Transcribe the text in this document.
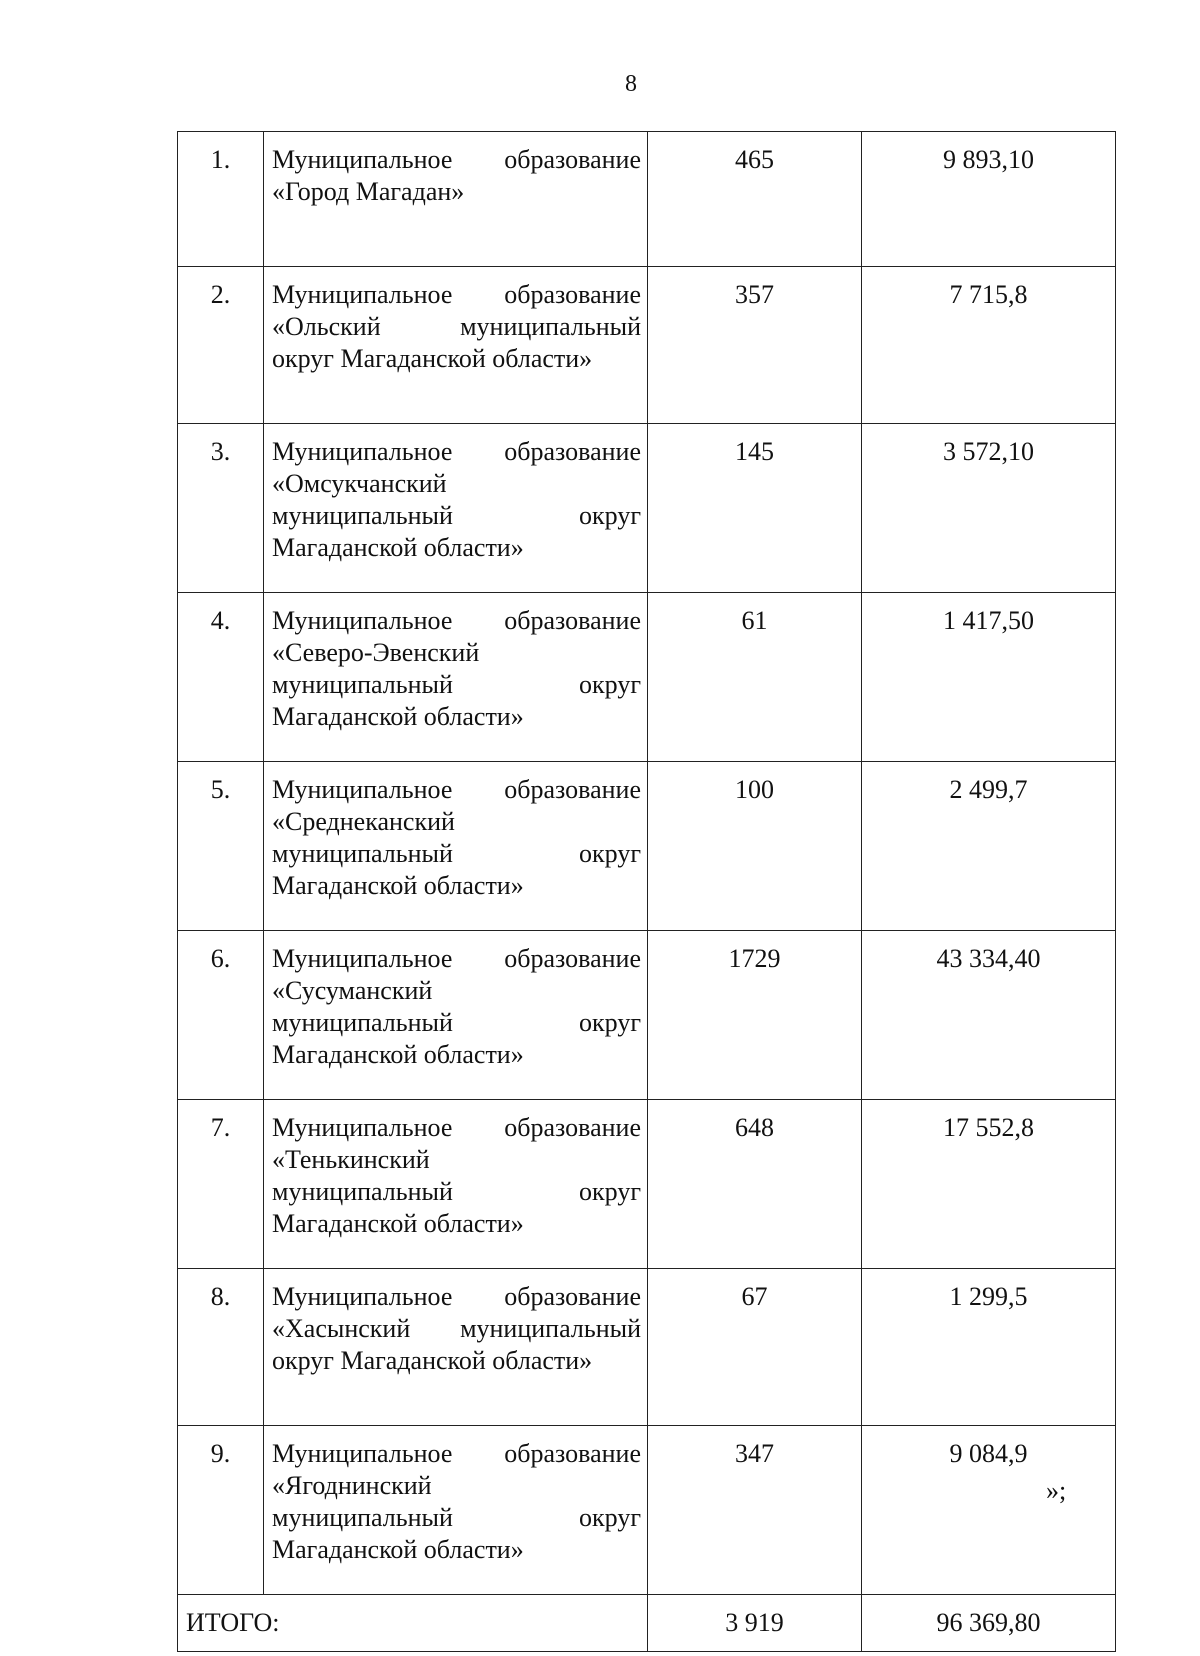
8
1.	Муниципальное образование
«Город Магадан»	465	9 893,10
2.	Муниципальное образование
«Ольский муниципальный
округ Магаданской области»	357	7 715,8
3.	Муниципальное образование
«Омсукчанский
муниципальный округ
Магаданской области»	145	3 572,10
4.	Муниципальное образование
«Северо-Эвенский
муниципальный округ
Магаданской области»	61	1 417,50
5.	Муниципальное образование
«Среднеканский
муниципальный округ
Магаданской области»	100	2 499,7
6.	Муниципальное образование
«Сусуманский
муниципальный округ
Магаданской области»	1729	43 334,40
7.	Муниципальное образование
«Тенькинский
муниципальный округ
Магаданской области»	648	17 552,8
8.	Муниципальное образование
«Хасынский муниципальный
округ Магаданской области»	67	1 299,5
9.	Муниципальное образование
«Ягоднинский
муниципальный округ
Магаданской области»	347	9 084,9
ИТОГО:		3 919	96 369,80
»;
